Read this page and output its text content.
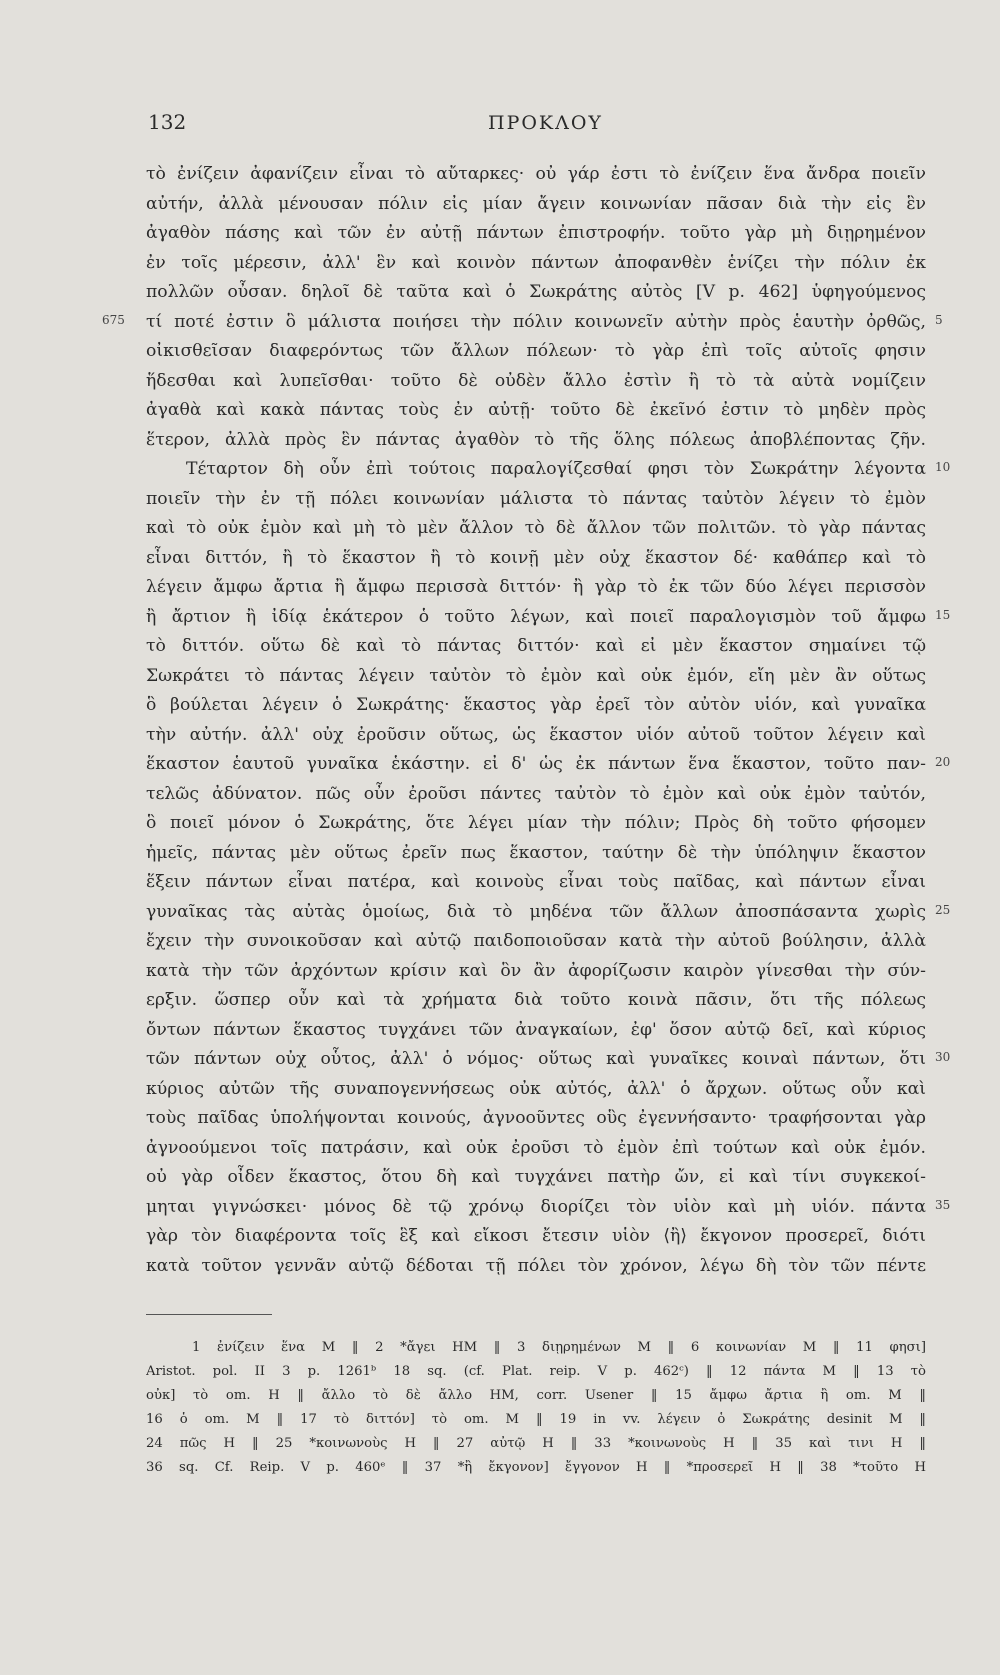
132	ΠΡΟΚΛΟΥ
τὸ ἐνίζειν ἀφανίζειν εἶναι τὸ αὔταρκες· οὐ γάρ ἐστι τὸ ἐνίζειν ἕνα ἄνδρα ποιεῖν
αὐτήν, ἀλλὰ μένουσαν πόλιν εἰς μίαν ἄγειν κοινωνίαν πᾶσαν διὰ τὴν εἰς ἓν
ἀγαθὸν πάσης καὶ τῶν ἐν αὐτῇ πάντων ἐπιστροφήν. τοῦτο γὰρ μὴ διῃρημένον
ἐν τοῖς μέρεσιν, ἀλλ' ἓν καὶ κοινὸν πάντων ἀποφανθὲν ἑνίζει τὴν πόλιν ἐκ
πολλῶν οὖσαν. δηλοῖ δὲ ταῦτα καὶ ὁ Σωκράτης αὐτὸς [V p. 462] ὑφηγούμενος
τί ποτέ ἐστιν ὃ μάλιστα ποιήσει τὴν πόλιν κοινωνεῖν αὐτὴν πρὸς ἑαυτὴν ὀρθῶς,
οἰκισθεῖσαν διαφερόντως τῶν ἄλλων πόλεων· τὸ γὰρ ἐπὶ τοῖς αὐτοῖς φησιν
ἥδεσθαι καὶ λυπεῖσθαι· τοῦτο δὲ οὐδὲν ἄλλο ἐστὶν ἢ τὸ τὰ αὐτὰ νομίζειν
ἀγαθὰ καὶ κακὰ πάντας τοὺς ἐν αὐτῇ· τοῦτο δὲ ἐκεῖνό ἐστιν τὸ μηδὲν πρὸς
ἕτερον, ἀλλὰ πρὸς ἓν πάντας ἀγαθὸν τὸ τῆς ὅλης πόλεως ἀποβλέποντας ζῆν.
Τέταρτον δὴ οὖν ἐπὶ τούτοις παραλογίζεσθαί φησι τὸν Σωκράτην λέγοντα
ποιεῖν τὴν ἐν τῇ πόλει κοινωνίαν μάλιστα τὸ πάντας ταὐτὸν λέγειν τὸ ἐμὸν
καὶ τὸ οὐκ ἐμὸν καὶ μὴ τὸ μὲν ἄλλον τὸ δὲ ἄλλον τῶν πολιτῶν. τὸ γὰρ πάντας
εἶναι διττόν, ἢ τὸ ἕκαστον ἢ τὸ κοινῇ μὲν οὐχ ἕκαστον δέ· καθάπερ καὶ τὸ
λέγειν ἄμφω ἄρτια ἢ ἄμφω περισσὰ διττόν· ἢ γὰρ τὸ ἐκ τῶν δύο λέγει περισσὸν
ἢ ἄρτιον ἢ ἰδίᾳ ἑκάτερον ὁ τοῦτο λέγων, καὶ ποιεῖ παραλογισμὸν τοῦ ἄμφω
τὸ διττόν. οὕτω δὲ καὶ τὸ πάντας διττόν· καὶ εἰ μὲν ἕκαστον σημαίνει τῷ
Σωκράτει τὸ πάντας λέγειν ταὐτὸν τὸ ἐμὸν καὶ οὐκ ἐμόν, εἴη μὲν ἂν οὕτως
ὃ βούλεται λέγειν ὁ Σωκράτης· ἕκαστος γὰρ ἐρεῖ τὸν αὐτὸν υἱόν, καὶ γυναῖκα
τὴν αὐτήν. ἀλλ' οὐχ ἐροῦσιν οὕτως, ὡς ἕκαστον υἱόν αὐτοῦ τοῦτον λέγειν καὶ
ἕκαστον ἑαυτοῦ γυναῖκα ἑκάστην. εἰ δ' ὡς ἐκ πάντων ἕνα ἕκαστον, τοῦτο παν-
τελῶς ἀδύνατον. πῶς οὖν ἐροῦσι πάντες ταὐτὸν τὸ ἐμὸν καὶ οὐκ ἐμὸν ταὐτόν,
ὃ ποιεῖ μόνον ὁ Σωκράτης, ὅτε λέγει μίαν τὴν πόλιν; Πρὸς δὴ τοῦτο φήσομεν
ἡμεῖς, πάντας μὲν οὕτως ἐρεῖν πως ἕκαστον, ταύτην δὲ τὴν ὑπόληψιν ἕκαστον
ἕξειν πάντων εἶναι πατέρα, καὶ κοινοὺς εἶναι τοὺς παῖδας, καὶ πάντων εἶναι
γυναῖκας τὰς αὐτὰς ὁμοίως, διὰ τὸ μηδένα τῶν ἄλλων ἀποσπάσαντα χωρὶς
ἔχειν τὴν συνοικοῦσαν καὶ αὐτῷ παιδοποιοῦσαν κατὰ τὴν αὐτοῦ βούλησιν, ἀλλὰ
κατὰ τὴν τῶν ἀρχόντων κρίσιν καὶ ὃν ἂν ἀφορίζωσιν καιρὸν γίνεσθαι τὴν σύν-
ερξιν. ὥσπερ οὖν καὶ τὰ χρήματα διὰ τοῦτο κοινὰ πᾶσιν, ὅτι τῆς πόλεως
ὄντων πάντων ἕκαστος τυγχάνει τῶν ἀναγκαίων, ἐφ' ὅσον αὐτῷ δεῖ, καὶ κύριος
τῶν πάντων οὐχ οὗτος, ἀλλ' ὁ νόμος· οὕτως καὶ γυναῖκες κοιναὶ πάντων, ὅτι
κύριος αὐτῶν τῆς συναπογεννήσεως οὐκ αὐτός, ἀλλ' ὁ ἄρχων. οὕτως οὖν καὶ
τοὺς παῖδας ὑπολήψονται κοινούς, ἀγνοοῦντες οὓς ἐγεννήσαντο· τραφήσονται γὰρ
ἀγνοούμενοι τοῖς πατράσιν, καὶ οὐκ ἐροῦσι τὸ ἐμὸν ἐπὶ τούτων καὶ οὐκ ἐμόν.
οὐ γὰρ οἶδεν ἕκαστος, ὅτου δὴ καὶ τυγχάνει πατὴρ ὤν, εἰ καὶ τίνι συγκεκοί-
μηται γιγνώσκει· μόνος δὲ τῷ χρόνῳ διορίζει τὸν υἱὸν καὶ μὴ υἱόν. πάντα
γὰρ τὸν διαφέροντα τοῖς ἓξ καὶ εἴκοσι ἔτεσιν υἱὸν ⟨ἢ⟩ ἔκγονον προσερεῖ, διότι
κατὰ τοῦτον γεννᾶν αὐτῷ δέδοται τῇ πόλει τὸν χρόνον, λέγω δὴ τὸν τῶν πέντε
675	5
10
15
20
25
30
35
1 ἐνίζειν ἕνα M ‖ 2 *ἄγει HM ‖ 3 διῃρημένων M ‖ 6 κοινωνίαν M ‖ 11 φησι]
Aristot. pol. II 3 p. 1261ᵇ 18 sq. (cf. Plat. reip. V p. 462ᶜ) ‖ 12 πάντα M ‖ 13 τὸ
οὐκ] τὸ om. H ‖ ἄλλο τὸ δὲ ἄλλο HM, corr. Usener ‖ 15 ἄμφω ἄρτια ἢ om. M ‖
16 ὁ om. M ‖ 17 τὸ διττόν] τὸ om. M ‖ 19 in vv. λέγειν ὁ Σωκράτης desinit M ‖
24 πῶς H ‖ 25 *κοινωνοὺς H ‖ 27 αὐτῷ H ‖ 33 *κοινωνοὺς H ‖ 35 καὶ τινι H ‖
36 sq. Cf. Reip. V p. 460ᵉ ‖ 37 *ἢ ἔκγονον] ἔγγονον H ‖ *προσερεῖ H ‖ 38 *τοῦτο H
